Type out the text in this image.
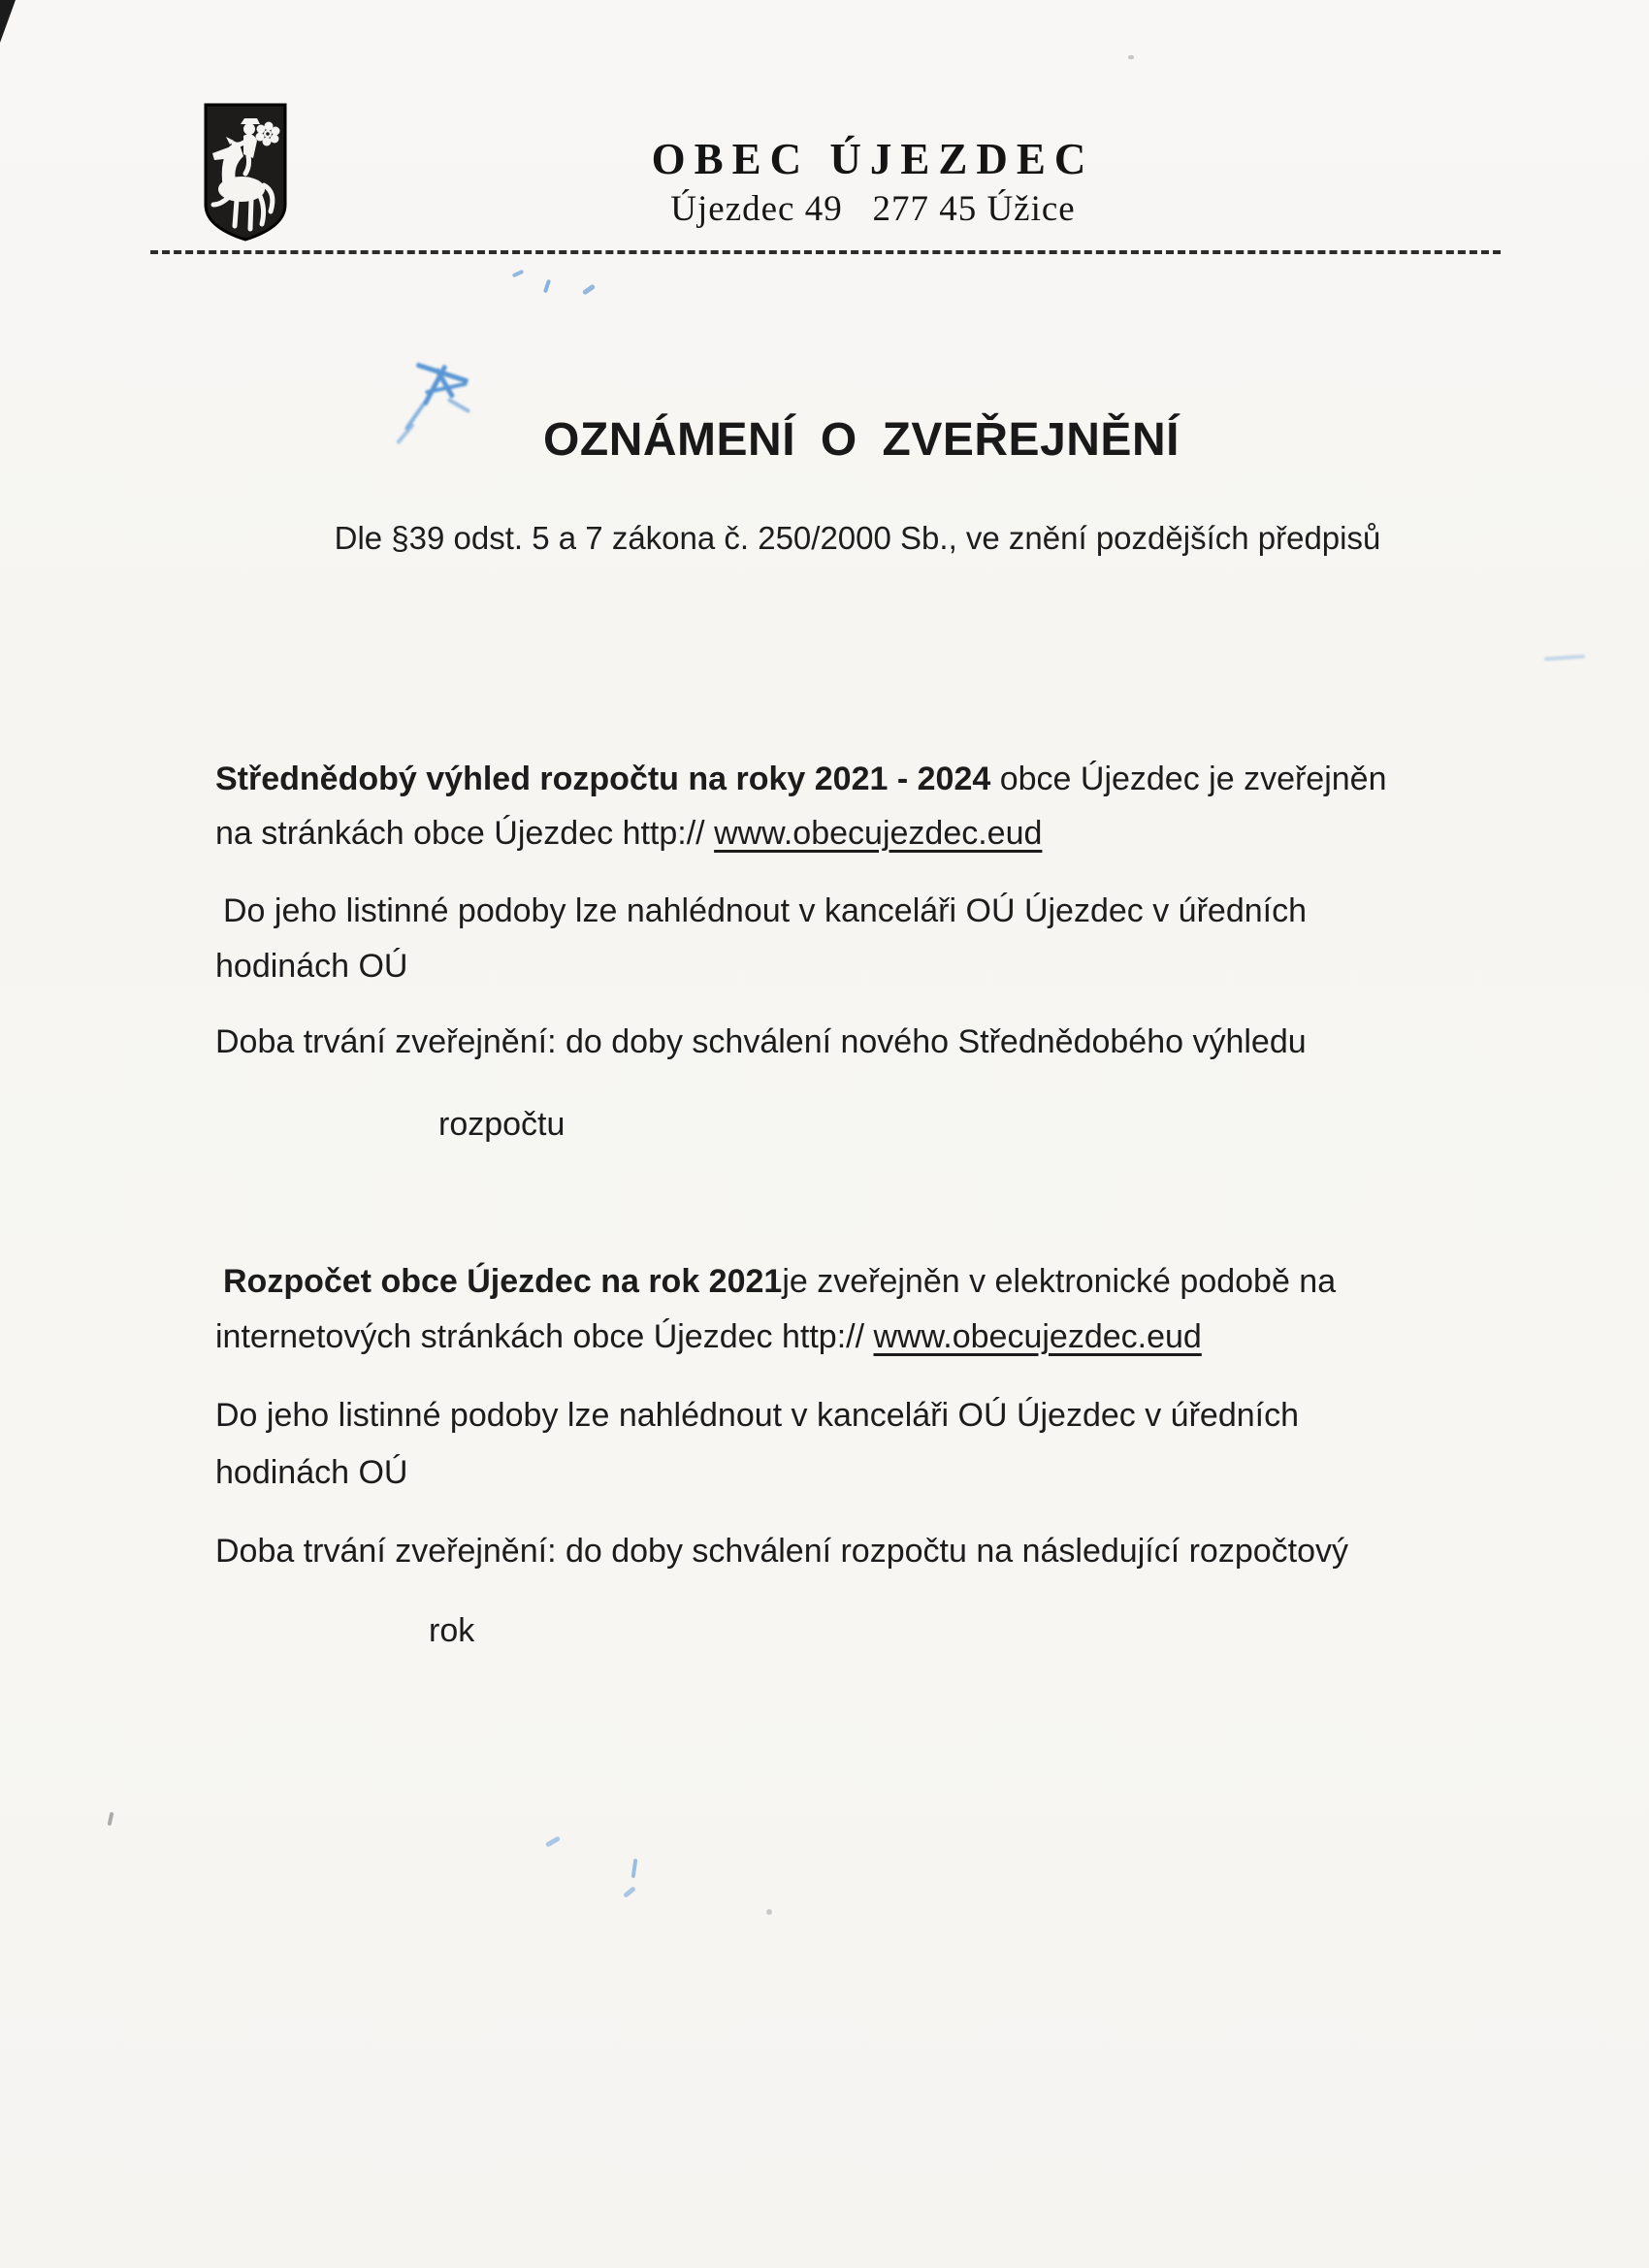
OBEC ÚJEZDEC
Újezdec 49   277 45 Úžice
OZNÁMENÍ O ZVEŘEJNĚNÍ
Dle §39 odst. 5 a 7 zákona č. 250/2000 Sb., ve znění pozdějších předpisů
Střednědobý výhled rozpočtu na roky 2021 - 2024 obce Újezdec je zveřejněn
na stránkách obce Újezdec http:// www.obecujezdec.eud
Do jeho listinné podoby lze nahlédnout v kanceláři OÚ Újezdec v úředních
hodinách OÚ
Doba trvání zveřejnění: do doby schválení nového Střednědobého výhledu
rozpočtu
Rozpočet obce Újezdec na rok 2021je zveřejněn v elektronické podobě na
internetových stránkách obce Újezdec http:// www.obecujezdec.eud
Do jeho listinné podoby lze nahlédnout v kanceláři OÚ Újezdec v úředních
hodinách OÚ
Doba trvání zveřejnění: do doby schválení rozpočtu na následující rozpočtový
rok
